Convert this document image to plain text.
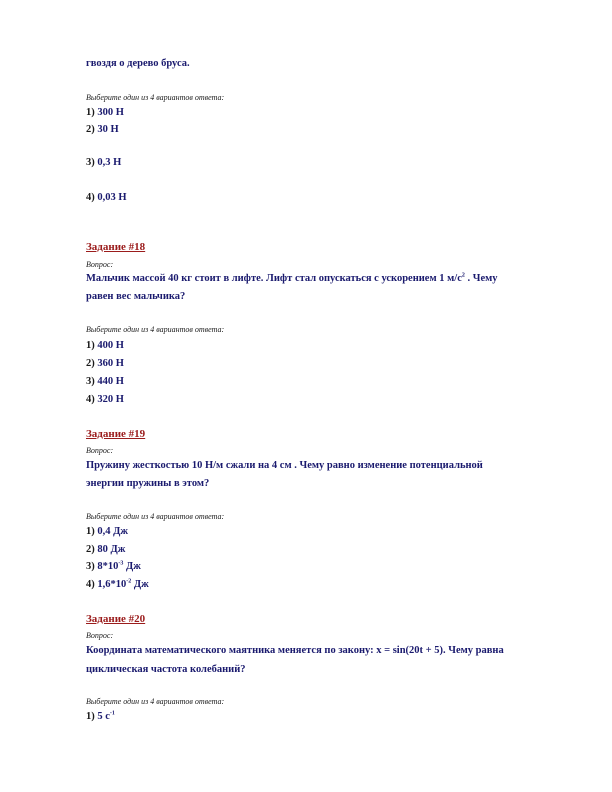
гвоздя о дерево бруса.
Выберите один из 4 вариантов ответа:
1) 300 Н
2) 30 Н
3) 0,3 Н
4) 0,03 Н
Задание #18
Вопрос:
Мальчик массой 40 кг стоит в лифте. Лифт стал опускаться с ускорением 1 $м/с^2$ . Чему
равен вес мальчика?
Выберите один из 4 вариантов ответа:
1) 400 Н
2) 360 Н
3) 440 Н
4) 320 Н
Задание #19
Вопрос:
Пружину жесткостью 10 Н/м сжали на 4 см . Чему равно изменение потенциальной
энергии пружины в этом?
Выберите один из 4 вариантов ответа:
1) 0,4 Дж
2) 80 Дж
3) $8*10^{-3}$ Дж
4) $1,6*10^{-2}$ Дж
Задание #20
Вопрос:
Координата математического маятника меняется по закону: x = sin(20t + 5). Чему равна
циклическая частота колебаний?
Выберите один из 4 вариантов ответа:
1) 5 $с^{-1}$
